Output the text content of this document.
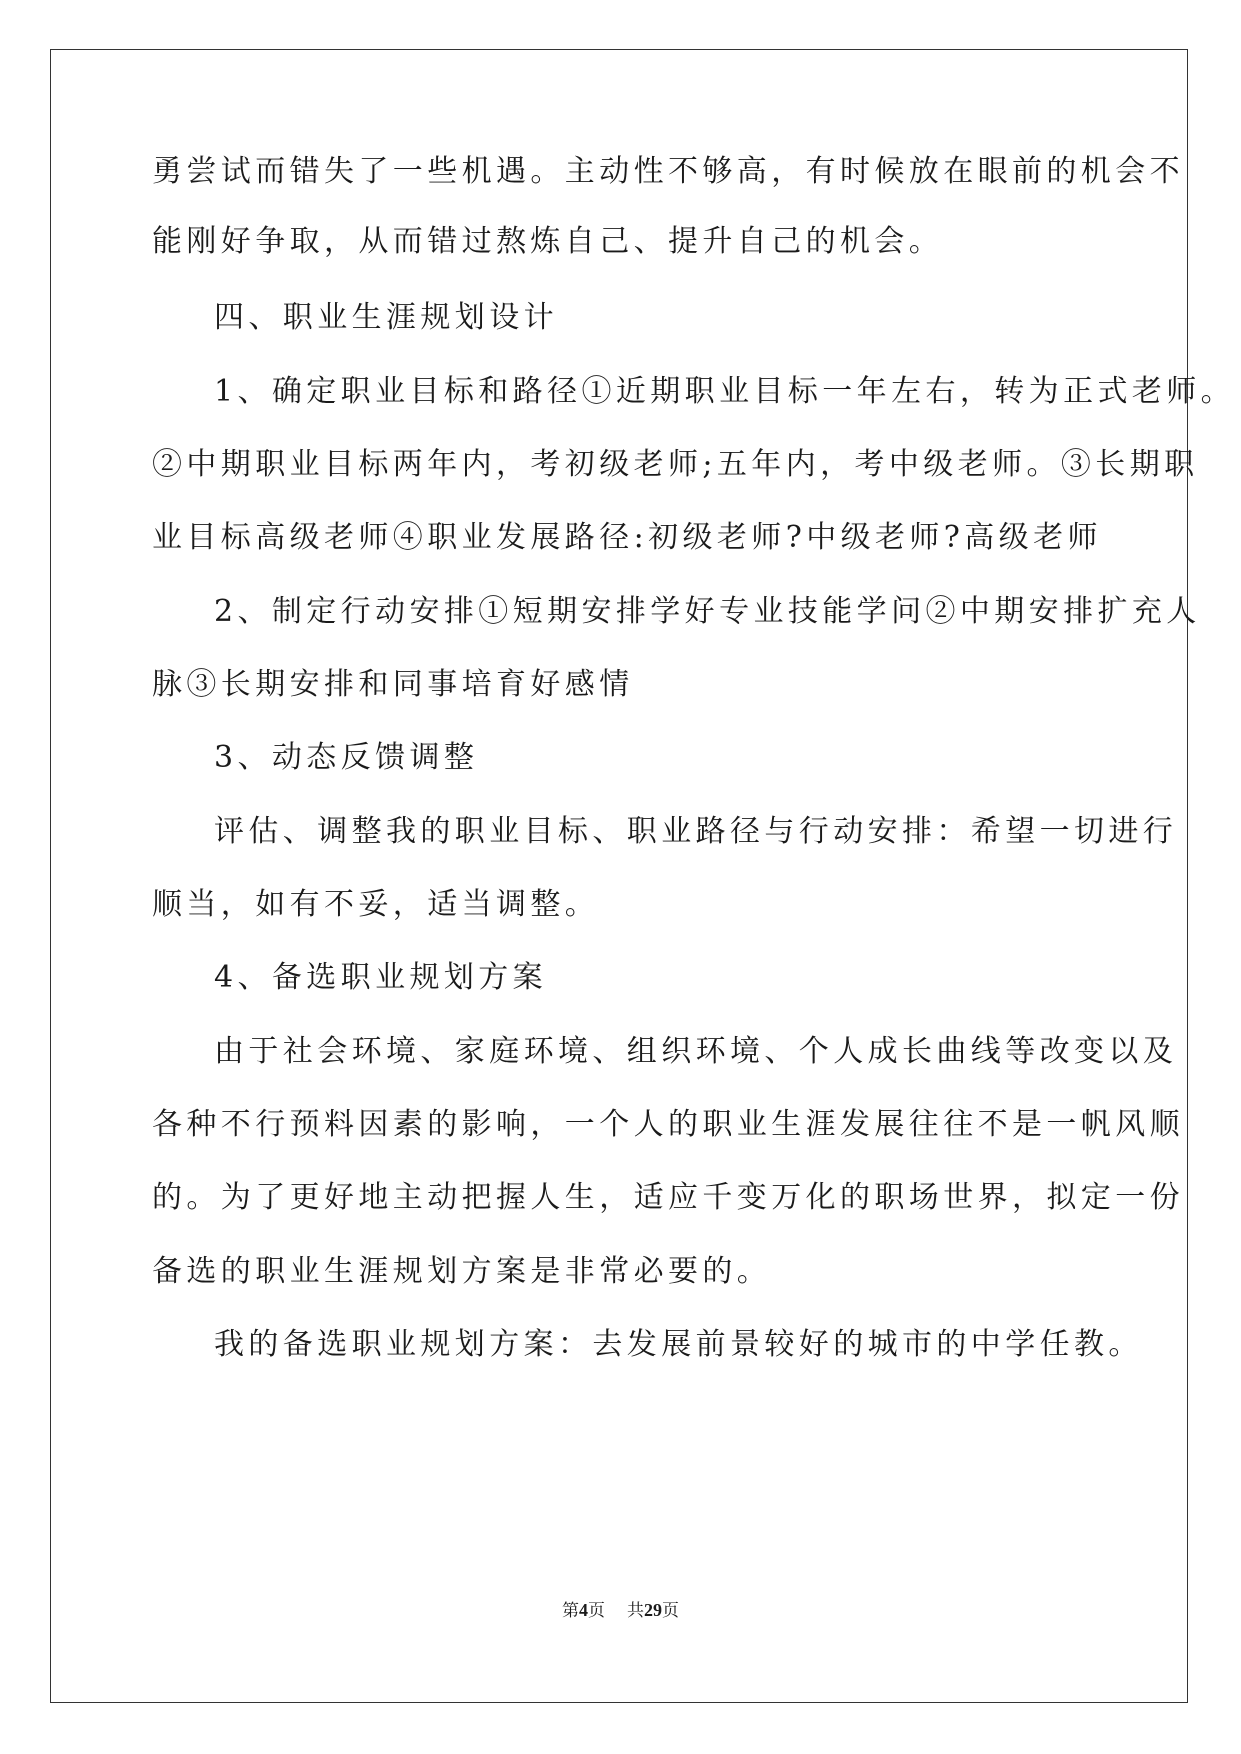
勇尝试而错失了一些机遇。主动性不够高，有时候放在眼前的机会不

能刚好争取，从而错过熬炼自己、提升自己的机会。

四、职业生涯规划设计

1、确定职业目标和路径①近期职业目标一年左右，转为正式老师。

②中期职业目标两年内，考初级老师;五年内，考中级老师。③长期职

业目标高级老师④职业发展路径:初级老师?中级老师?高级老师

2、制定行动安排①短期安排学好专业技能学问②中期安排扩充人

脉③长期安排和同事培育好感情

3、动态反馈调整

评估、调整我的职业目标、职业路径与行动安排：希望一切进行

顺当，如有不妥，适当调整。

4、备选职业规划方案

由于社会环境、家庭环境、组织环境、个人成长曲线等改变以及

各种不行预料因素的影响，一个人的职业生涯发展往往不是一帆风顺

的。为了更好地主动把握人生，适应千变万化的职场世界，拟定一份

备选的职业生涯规划方案是非常必要的。

我的备选职业规划方案：去发展前景较好的城市的中学任教。

第4页 共29页
